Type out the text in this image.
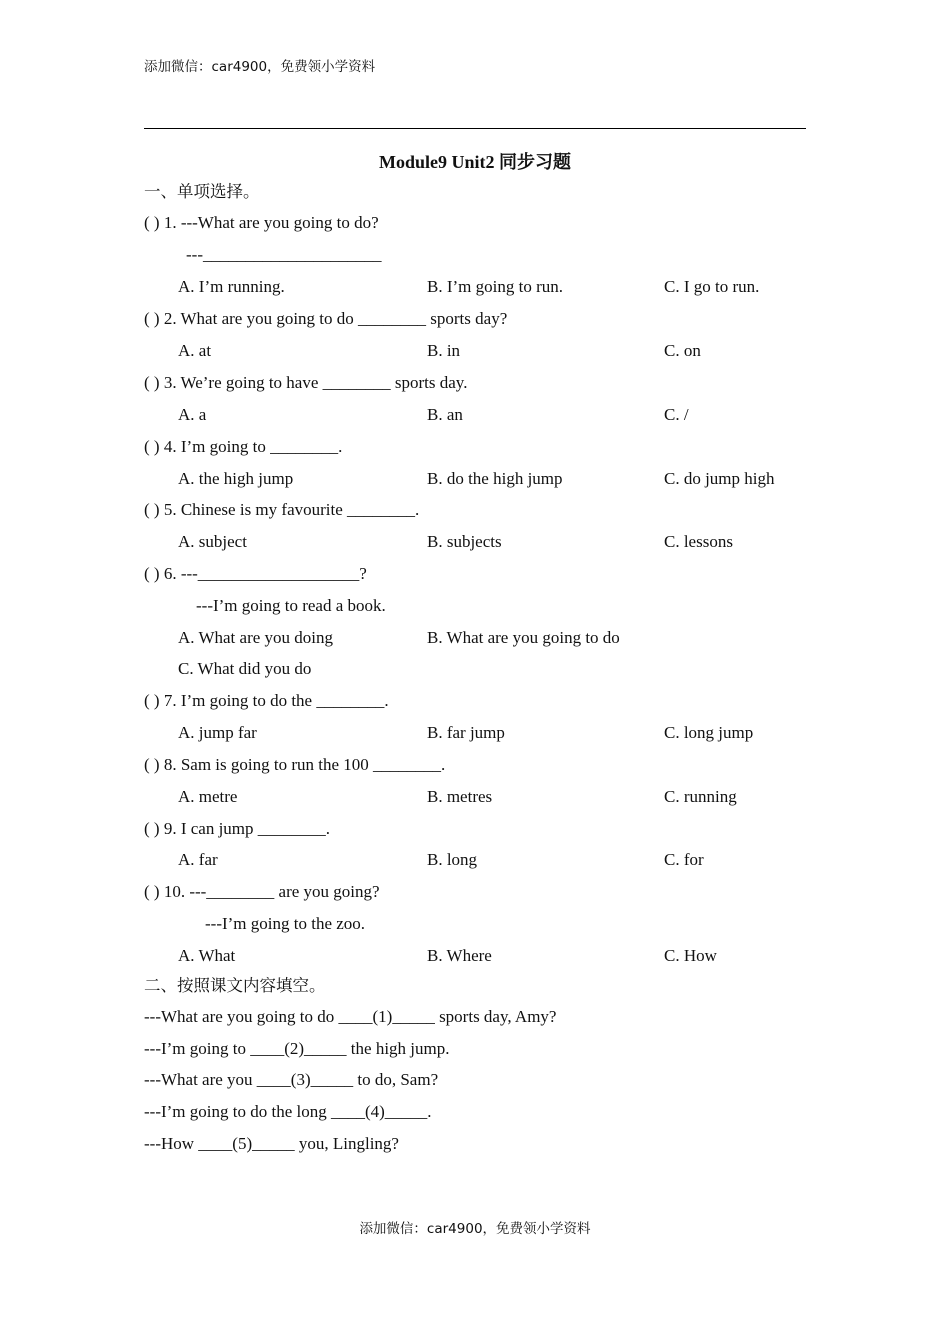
添加微信：car4900，免费领小学资料
Module9 Unit2 同步习题
一、单项选择。
( ) 1. ---What are you going to do?
---_____________________
A. I’m running.	B. I’m going to run.	C. I go to run.
( ) 2. What are you going to do ________ sports day?
A. at	B. in	C. on
( ) 3. We’re going to have ________ sports day.
A. a	B. an	C. /
( ) 4. I’m going to ________.
A. the high jump	B. do the high jump	C. do jump high
( ) 5. Chinese is my favourite ________.
A. subject	B. subjects	C. lessons
( ) 6. ---___________________?
---I’m going to read a book.
A. What are you doing	B. What are you going to do
C. What did you do
( ) 7. I’m going to do the ________.
A. jump far	B. far jump	C. long jump
( ) 8. Sam is going to run the 100 ________.
A. metre	B. metres	C. running
( ) 9. I can jump ________.
A. far	B. long	C. for
( ) 10. ---________ are you going?
---I’m going to the zoo.
A. What	B. Where	C. How
二、按照课文内容填空。
---What are you going to do ____(1)_____ sports day, Amy?
---I’m going to ____(2)_____ the high jump.
---What are you ____(3)_____ to do, Sam?
---I’m going to do the long ____(4)_____.
---How ____(5)_____ you, Lingling?
添加微信：car4900，免费领小学资料
